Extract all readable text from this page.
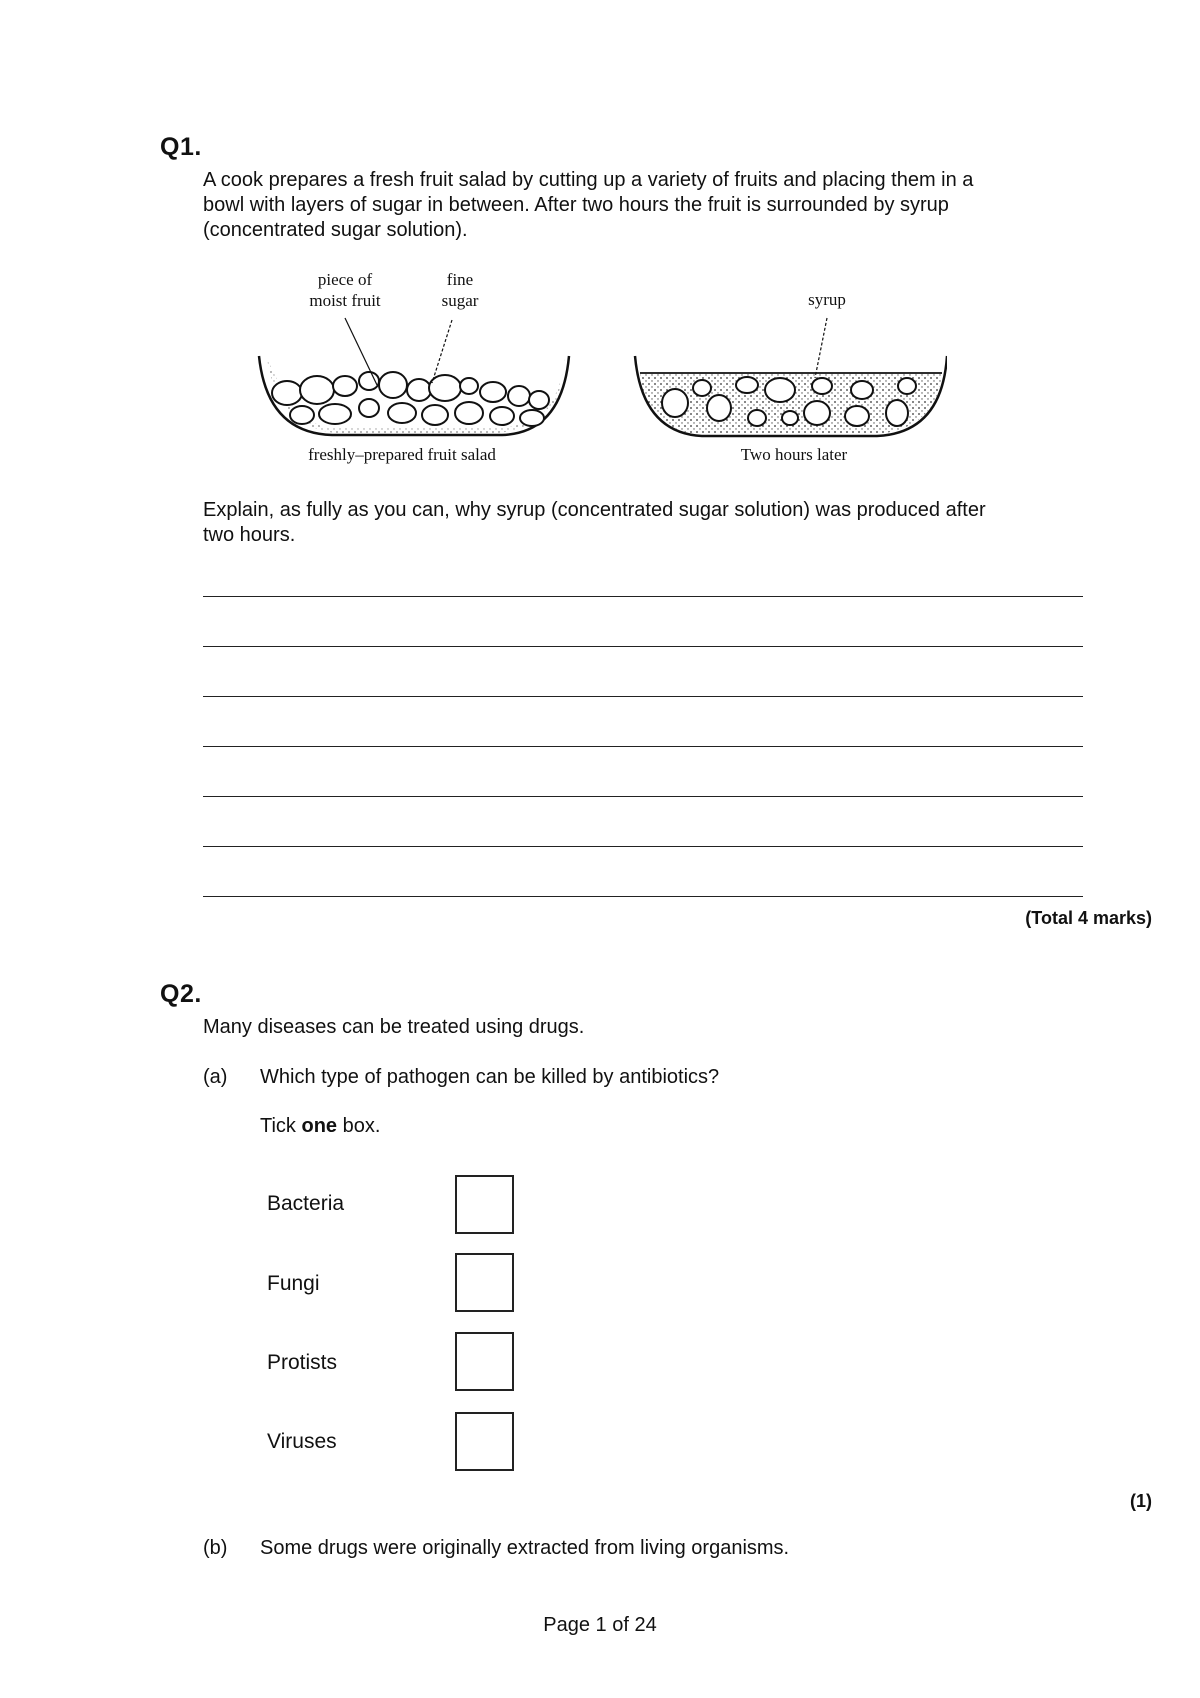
Q1.
A cook prepares a fresh fruit salad by cutting up a variety of fruits and placing them in a
bowl with layers of sugar in between. After two hours the fruit is surrounded by syrup
(concentrated sugar solution).
piece of
moist fruit
fine
sugar	syrup
freshly–prepared fruit salad	Two hours later
Explain, as fully as you can, why syrup (concentrated sugar solution) was produced after
two hours.
(Total 4 marks)
Q2.
Many diseases can be treated using drugs.
(a) Which type of pathogen can be killed by antibiotics?
Tick one box.
Bacteria
Fungi
Protists
Viruses
(1)
(b) Some drugs were originally extracted from living organisms.
Page 1 of 24
